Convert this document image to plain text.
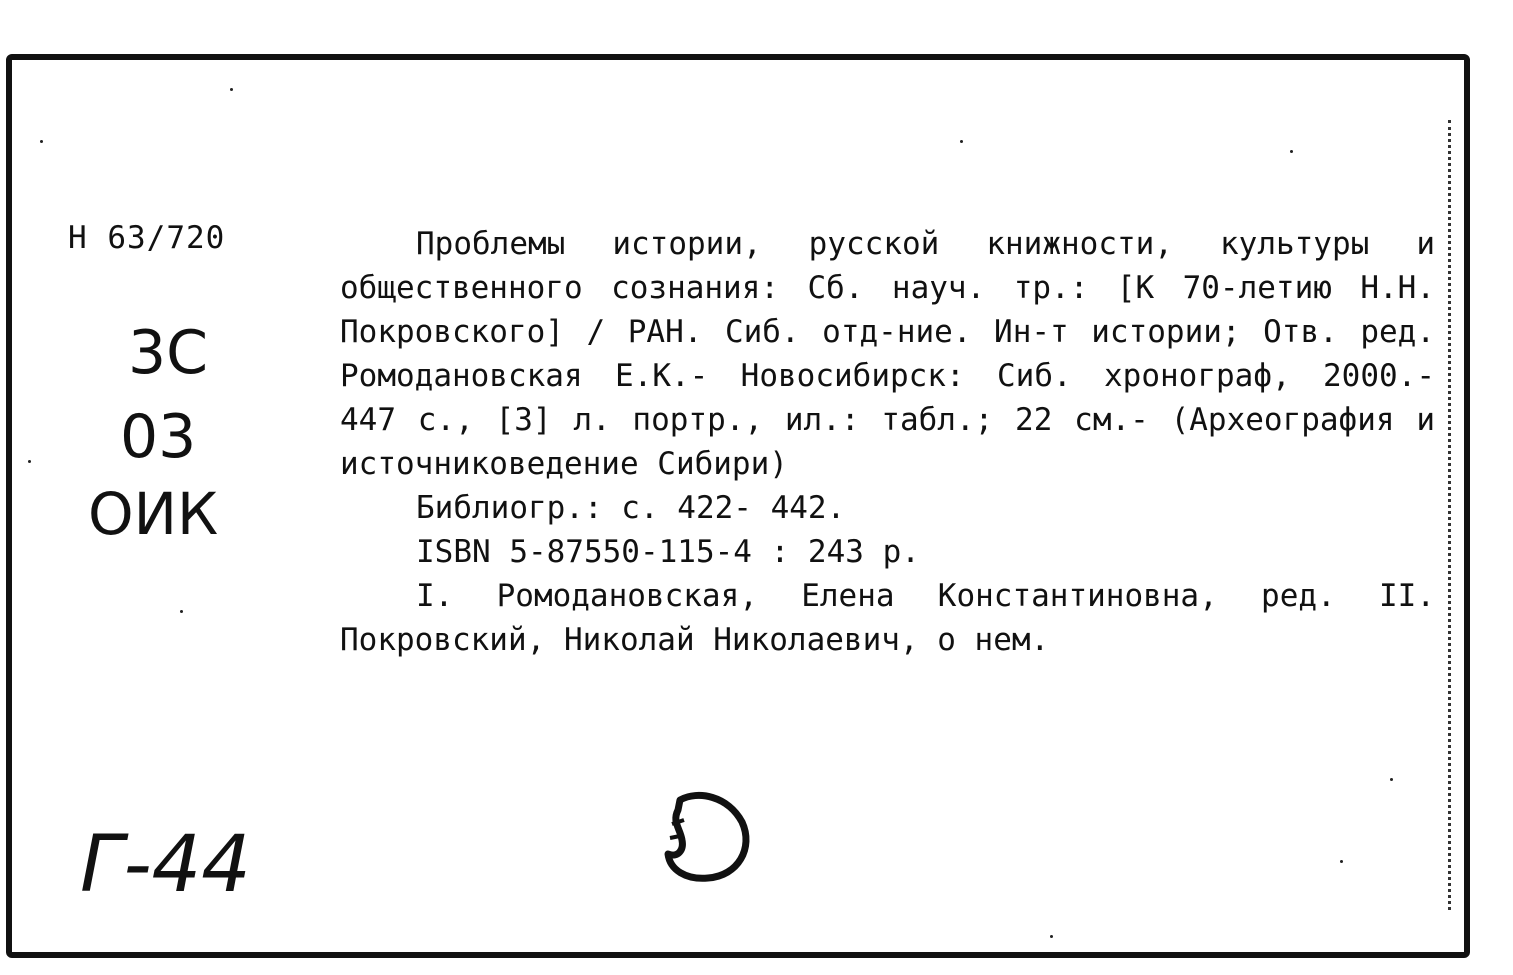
Н 63/720
3С
03
ОИК
Г-44
Проблемы истории, русской книжности, культуры и общественного сознания: Сб. науч. тр.: [К 70-летию Н.Н. Покровского] / РАН. Сиб. отд-ние. Ин-т истории; Отв. ред. Ромодановская Е.К.- Новосибирск: Сиб. хронограф, 2000.- 447 с., [3] л. портр., ил.: табл.; 22 см.- (Археография и источниковедение Сибири)
Библиогр.: с. 422- 442.
ISBN 5-87550-115-4 : 243 р.
I. Ромодановская, Елена Константиновна, ред. II. Покровский, Николай Николаевич, о нем.
